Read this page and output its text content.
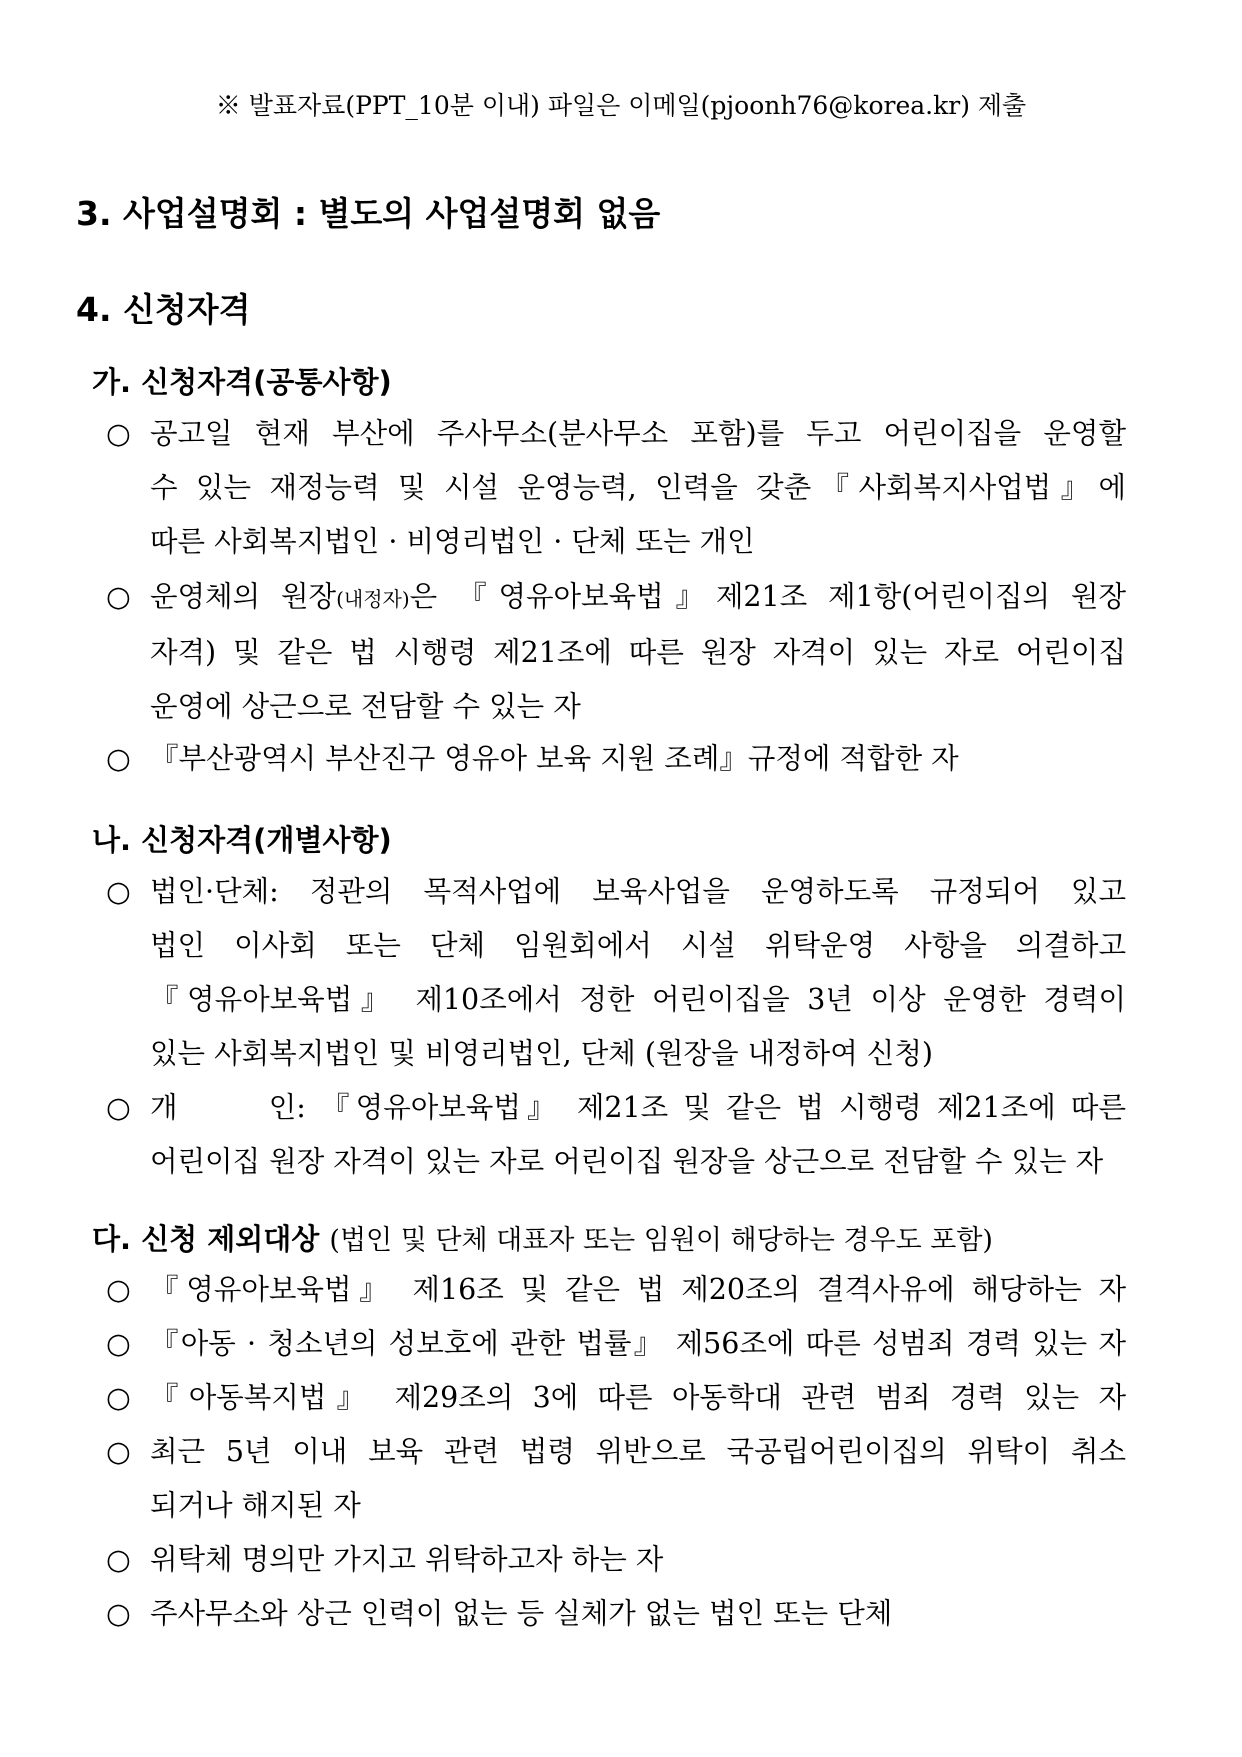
※ 발표자료(PPT_10분 이내) 파일은 이메일(pjoonh76@korea.kr) 제출
3. 사업설명회 : 별도의 사업설명회 없음
4. 신청자격
가. 신청자격(공통사항)
○ 공고일 현재 부산에 주사무소(분사무소 포함)를 두고 어린이집을 운영할
수 있는 재정능력 및 시설 운영능력, 인력을 갖춘『사회복지사업법』에
따른 사회복지법인 · 비영리법인 · 단체 또는 개인
○ 운영체의 원장(내정자)은 『영유아보육법』제21조 제1항(어린이집의 원장
자격) 및 같은 법 시행령 제21조에 따른 원장 자격이 있는 자로 어린이집
운영에 상근으로 전담할 수 있는 자
○ 『부산광역시 부산진구 영유아 보육 지원 조례』규정에 적합한 자
나. 신청자격(개별사항)
○ 법인·단체: 정관의 목적사업에 보육사업을 운영하도록 규정되어 있고
법인 이사회 또는 단체 임원회에서 시설 위탁운영 사항을 의결하고
『영유아보육법』 제10조에서 정한 어린이집을 3년 이상 운영한 경력이
있는 사회복지법인 및 비영리법인, 단체 (원장을 내정하여 신청)
○ 개      인: 『영유아보육법』 제21조 및 같은 법 시행령 제21조에 따른
어린이집 원장 자격이 있는 자로 어린이집 원장을 상근으로 전담할 수 있는 자
다. 신청 제외대상 (법인 및 단체 대표자 또는 임원이 해당하는 경우도 포함)
○ 『영유아보육법』 제16조 및 같은 법 제20조의 결격사유에 해당하는 자
○ 『아동 · 청소년의 성보호에 관한 법률』 제56조에 따른 성범죄 경력 있는 자
○ 『아동복지법』 제29조의 3에 따른 아동학대 관련 범죄 경력 있는 자
○ 최근 5년 이내 보육 관련 법령 위반으로 국공립어린이집의 위탁이 취소
되거나 해지된 자
○ 위탁체 명의만 가지고 위탁하고자 하는 자
○ 주사무소와 상근 인력이 없는 등 실체가 없는 법인 또는 단체
